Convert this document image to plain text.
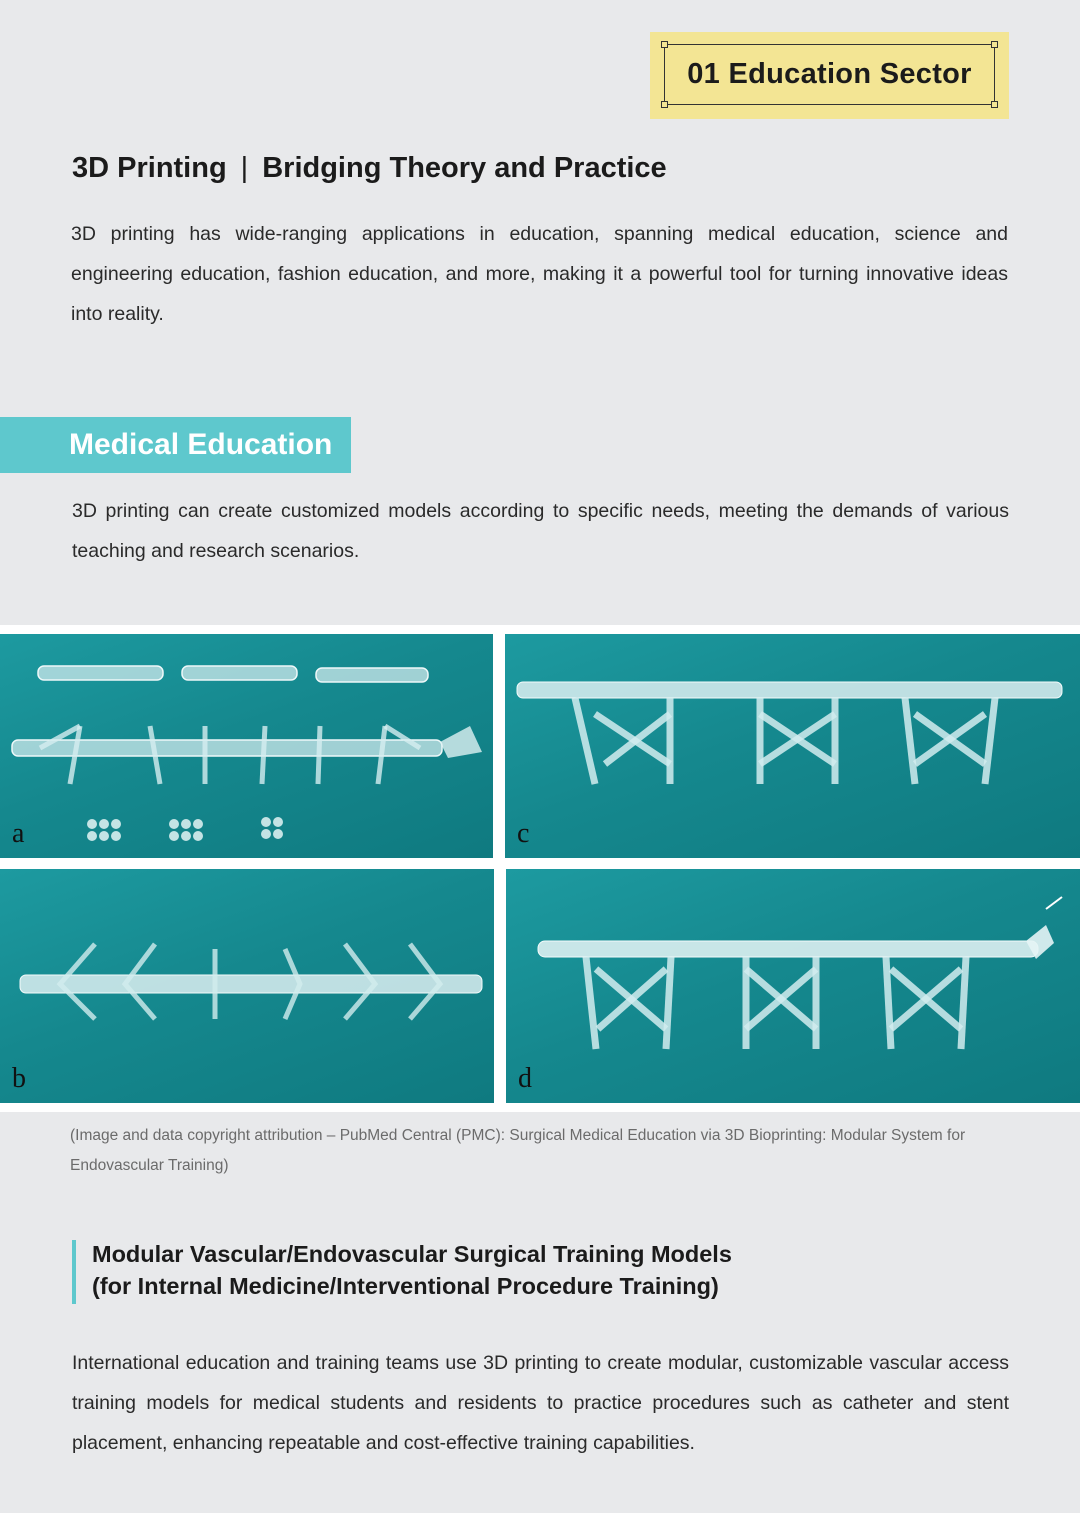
01 Education Sector
3D Printing | Bridging Theory and Practice

3D printing has wide-ranging applications in education, spanning medical education, science and engineering education, fashion education, and more, making it a powerful tool for turning innovative ideas into reality.

Medical Education

3D printing can create customized models according to specific needs, meeting the demands of various teaching and research scenarios.

a	c
b	d

(Image and data copyright attribution – PubMed Central (PMC): Surgical Medical Education via 3D Bioprinting: Modular System for Endovascular Training)

Modular Vascular/Endovascular Surgical Training Models
(for Internal Medicine/Interventional Procedure Training)

International education and training teams use 3D printing to create modular, customizable vascular access training models for medical students and residents to practice procedures such as catheter and stent placement, enhancing repeatable and cost-effective training capabilities.
